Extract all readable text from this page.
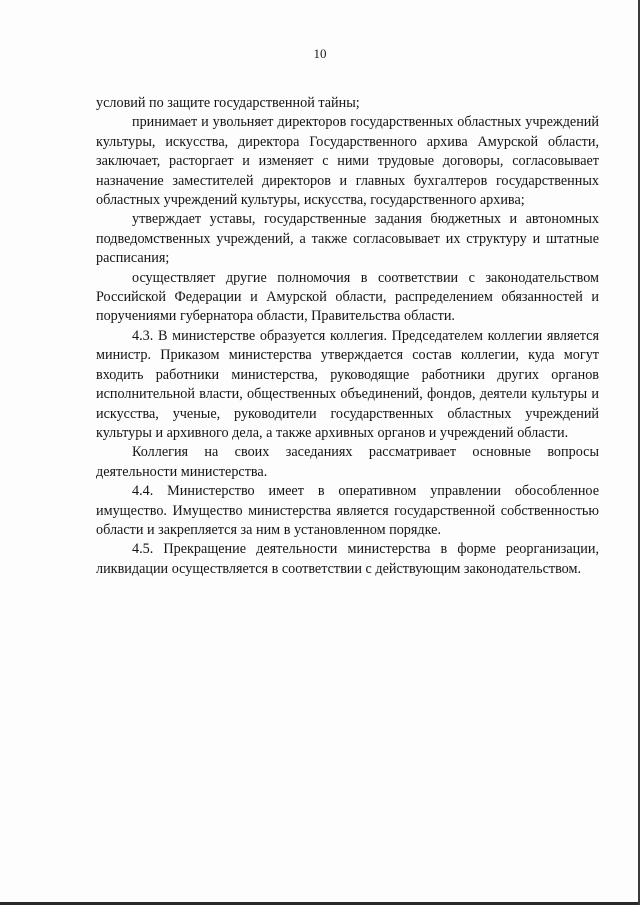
10

условий по защите государственной тайны;

принимает и увольняет директоров государственных областных учреждений культуры, искусства, директора Государственного архива Амурской области, заключает, расторгает и изменяет с ними трудовые договоры, согласовывает назначение заместителей директоров и главных бухгалтеров государственных областных учреждений культуры, искусства, государственного архива;

утверждает уставы, государственные задания бюджетных и автономных подведомственных учреждений, а также согласовывает их структуру и штатные расписания;

осуществляет другие полномочия в соответствии с законодательством Российской Федерации и Амурской области, распределением обязанностей и поручениями губернатора области, Правительства области.

4.3. В министерстве образуется коллегия. Председателем коллегии является министр. Приказом министерства утверждается состав коллегии, куда могут входить работники министерства, руководящие работники других органов исполнительной власти, общественных объединений, фондов, деятели культуры и искусства, ученые, руководители государственных областных учреждений культуры и архивного дела, а также архивных органов и учреждений области.

Коллегия на своих заседаниях рассматривает основные вопросы деятельности министерства.

4.4. Министерство имеет в оперативном управлении обособленное имущество. Имущество министерства является государственной собственностью области и закрепляется за ним в установленном порядке.

4.5. Прекращение деятельности министерства в форме реорганизации, ликвидации осуществляется в соответствии с действующим законодательством.
